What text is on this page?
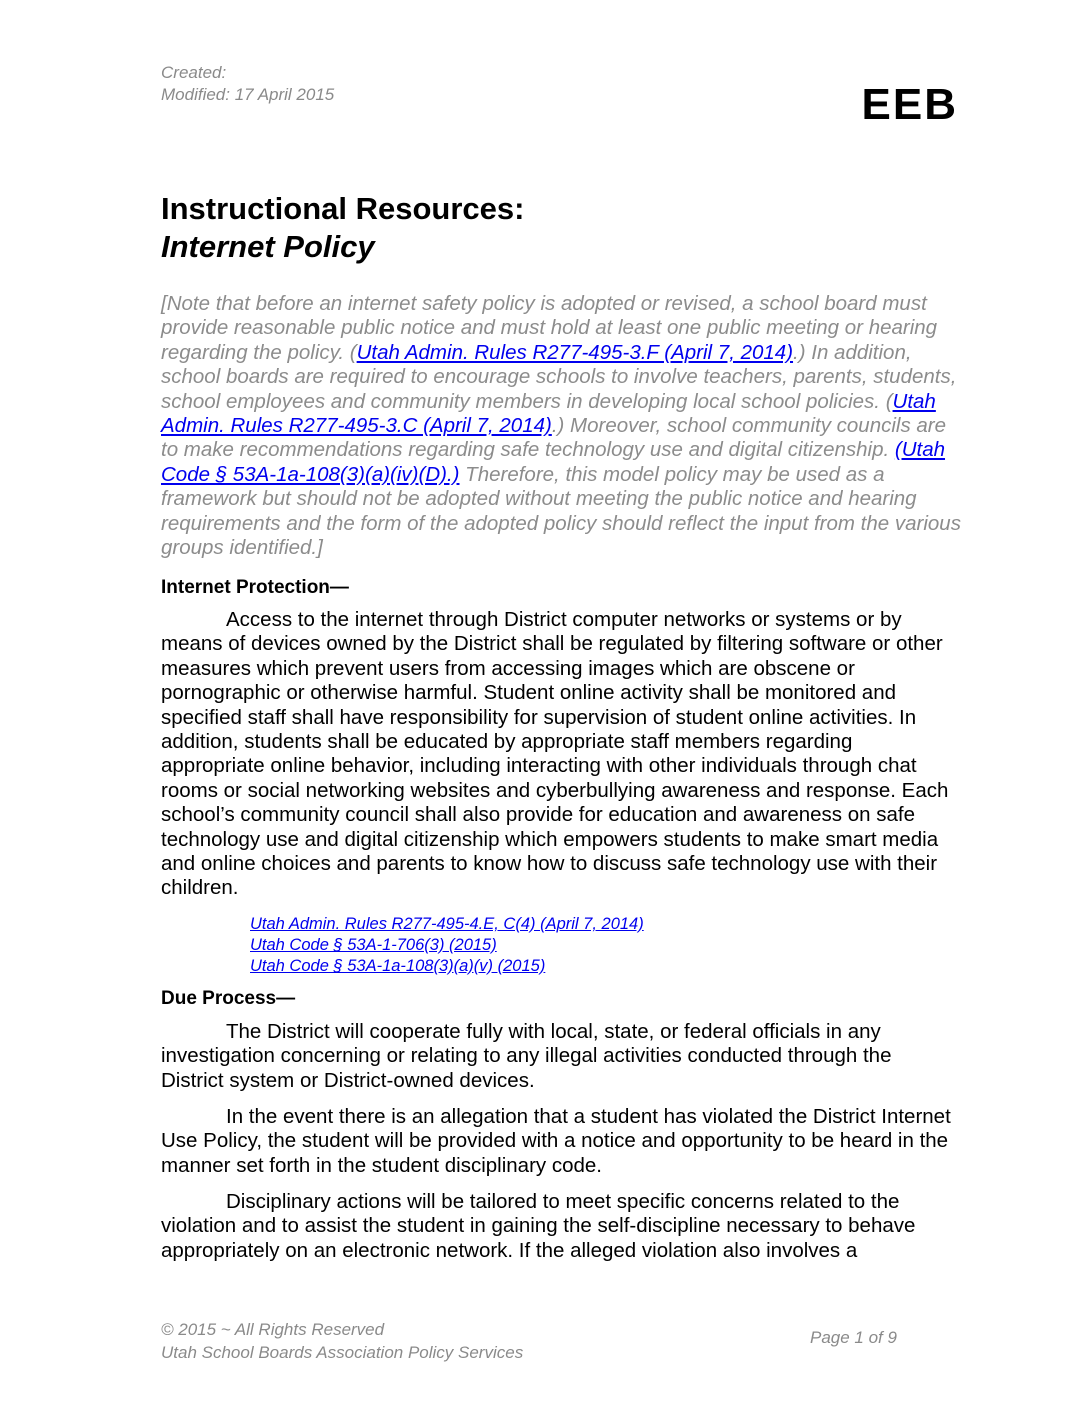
Created:
Modified: 17 April 2015	EEB
Instructional Resources:
Internet Policy
[Note that before an internet safety policy is adopted or revised, a school board must provide reasonable public notice and must hold at least one public meeting or hearing regarding the policy. (Utah Admin. Rules R277-495-3.F (April 7, 2014).) In addition, school boards are required to encourage schools to involve teachers, parents, students, school employees and community members in developing local school policies. (Utah Admin. Rules R277-495-3.C (April 7, 2014).) Moreover, school community councils are to make recommendations regarding safe technology use and digital citizenship. (Utah Code § 53A-1a-108(3)(a)(iv)(D).) Therefore, this model policy may be used as a framework but should not be adopted without meeting the public notice and hearing requirements and the form of the adopted policy should reflect the input from the various groups identified.]
Internet Protection—
Access to the internet through District computer networks or systems or by means of devices owned by the District shall be regulated by filtering software or other measures which prevent users from accessing images which are obscene or pornographic or otherwise harmful. Student online activity shall be monitored and specified staff shall have responsibility for supervision of student online activities. In addition, students shall be educated by appropriate staff members regarding appropriate online behavior, including interacting with other individuals through chat rooms or social networking websites and cyberbullying awareness and response. Each school’s community council shall also provide for education and awareness on safe technology use and digital citizenship which empowers students to make smart media and online choices and parents to know how to discuss safe technology use with their children.
Utah Admin. Rules R277-495-4.E, C(4) (April 7, 2014)
Utah Code § 53A-1-706(3) (2015)
Utah Code § 53A-1a-108(3)(a)(v) (2015)
Due Process—
The District will cooperate fully with local, state, or federal officials in any investigation concerning or relating to any illegal activities conducted through the District system or District-owned devices.
In the event there is an allegation that a student has violated the District Internet Use Policy, the student will be provided with a notice and opportunity to be heard in the manner set forth in the student disciplinary code.
Disciplinary actions will be tailored to meet specific concerns related to the violation and to assist the student in gaining the self-discipline necessary to behave appropriately on an electronic network. If the alleged violation also involves a
© 2015 ~ All Rights Reserved
Utah School Boards Association Policy Services
Page 1 of 9
